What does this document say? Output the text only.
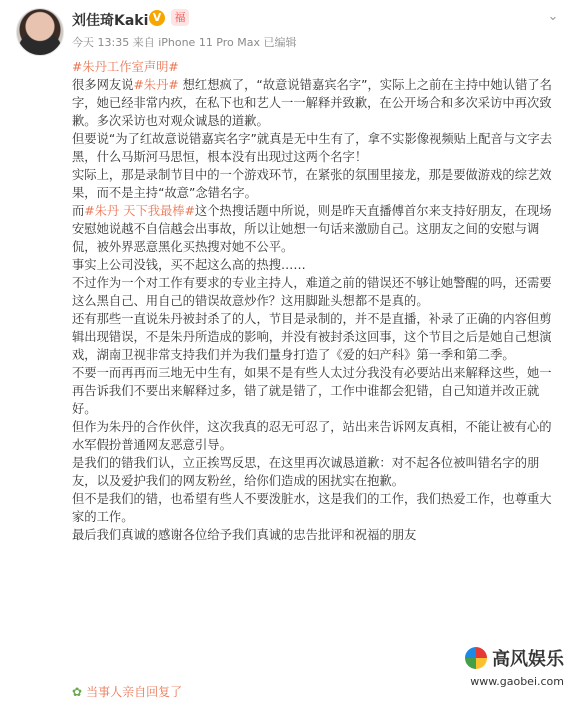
刘佳琦Kaki V	福
今天 13:35 来自 iPhone 11 Pro Max 已编辑
⌄

#朱丹工作室声明#

很多网友说#朱丹# 想红想疯了，“故意说错嘉宾名字”，实际上之前在主持中她认错了名字，她已经非常内疚，在私下也和艺人一一解释并致歉，在公开场合和多次采访中再次致歉。多次采访也对观众诚恳的道歉。

但要说“为了红故意说错嘉宾名字”就真是无中生有了，拿不实影像视频贴上配音与文字去黑，什么马斯河马思恒，根本没有出现过这两个名字！

实际上，那是录制节目中的一个游戏环节，在紧张的氛围里接龙，那是要做游戏的综艺效果，而不是主持“故意”念错名字。

而#朱丹 天下我最棒#这个热搜话题中所说，则是昨天直播傅首尔来支持好朋友，在现场安慰她说越不自信越会出事故，所以让她想一句话来激励自己。这朋友之间的安慰与调侃，被外界恶意黑化买热搜对她不公平。

事实上公司没钱，买不起这么高的热搜……

不过作为一个对工作有要求的专业主持人，难道之前的错误还不够让她警醒的吗，还需要这么黑自己、用自己的错误故意炒作？这用脚趾头想都不是真的。

还有那些一直说朱丹被封杀了的人，节目是录制的，并不是直播，补录了正确的内容但剪辑出现错误，不是朱丹所造成的影响，并没有被封杀这回事，这个节目之后是她自己想演戏，湖南卫视非常支持我们并为我们量身打造了《爱的妇产科》第一季和第二季。

不要一而再再而三地无中生有，如果不是有些人太过分我没有必要站出来解释这些，她一再告诉我们不要出来解释过多，错了就是错了，工作中谁都会犯错，自己知道并改正就好。

但作为朱丹的合作伙伴，这次我真的忍无可忍了，站出来告诉网友真相，不能让被有心的水军假扮普通网友恶意引导。

是我们的错我们认，立正挨骂反思，在这里再次诚恳道歉：对不起各位被叫错名字的朋友，以及爱护我们的网友粉丝，给你们造成的困扰实在抱歉。

但不是我们的错，也希望有些人不要泼脏水，这是我们的工作，我们热爱工作，也尊重大家的工作。

最后我们真诚的感谢各位给予我们真诚的忠告批评和祝福的朋友

✿ 当事人亲自回复了
高风娱乐
www.gaobei.com
